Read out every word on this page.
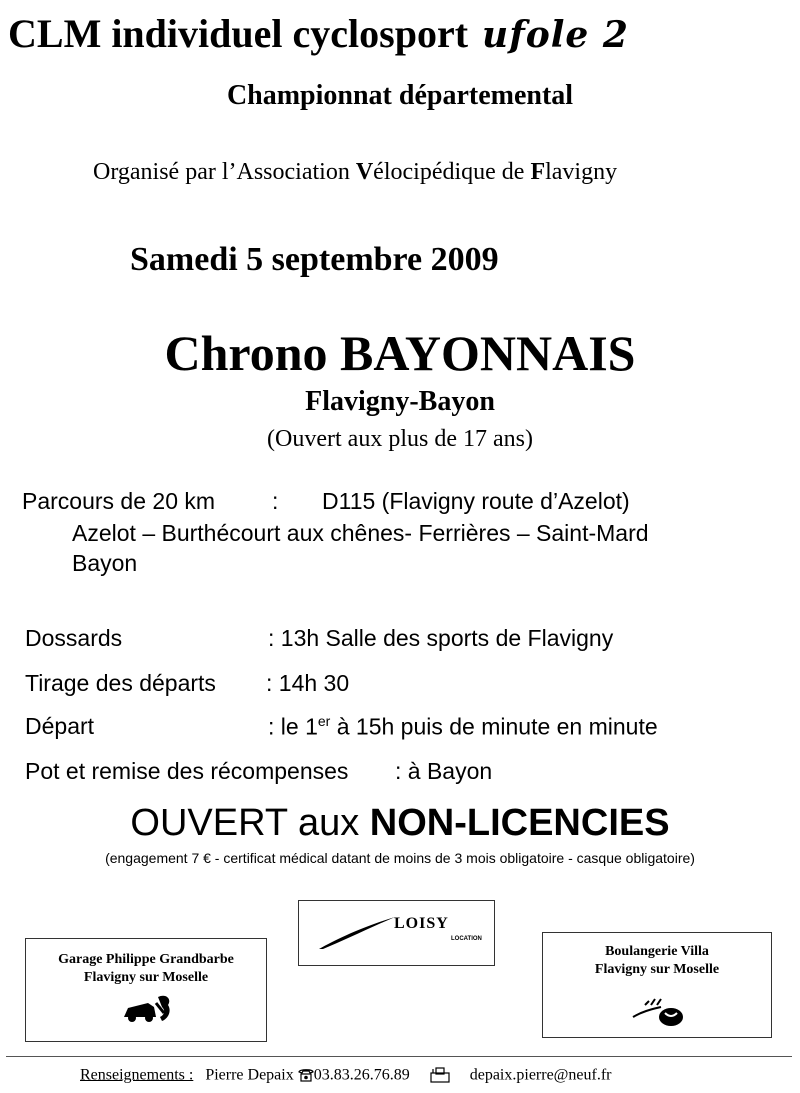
CLM individuel cyclosport ufole 2
Championnat départemental
Organisé par l’Association Vélocipédique de Flavigny
Samedi 5 septembre 2009
Chrono BAYONNAIS
Flavigny-Bayon
(Ouvert aux plus de 17 ans)
Parcours de 20 km : D115 (Flavigny route d’Azelot)
Azelot – Burthécourt aux chênes- Ferrières – Saint-Mard
Bayon
Dossards	: 13h Salle des sports de Flavigny
Tirage des départs : 14h 30
Départ	: le 1er à 15h puis de minute en minute
Pot et remise des récompenses : à Bayon
OUVERT aux NON-LICENCIES
(engagement 7 € - certificat médical datant de moins de 3 mois obligatoire - casque obligatoire)
Garage Philippe Grandbarbe
Flavigny sur Moselle
LOISY
LOCATION
Boulangerie Villa
Flavigny sur Moselle
Renseignements : Pierre Depaix 03.83.26.76.89	depaix.pierre@neuf.fr
